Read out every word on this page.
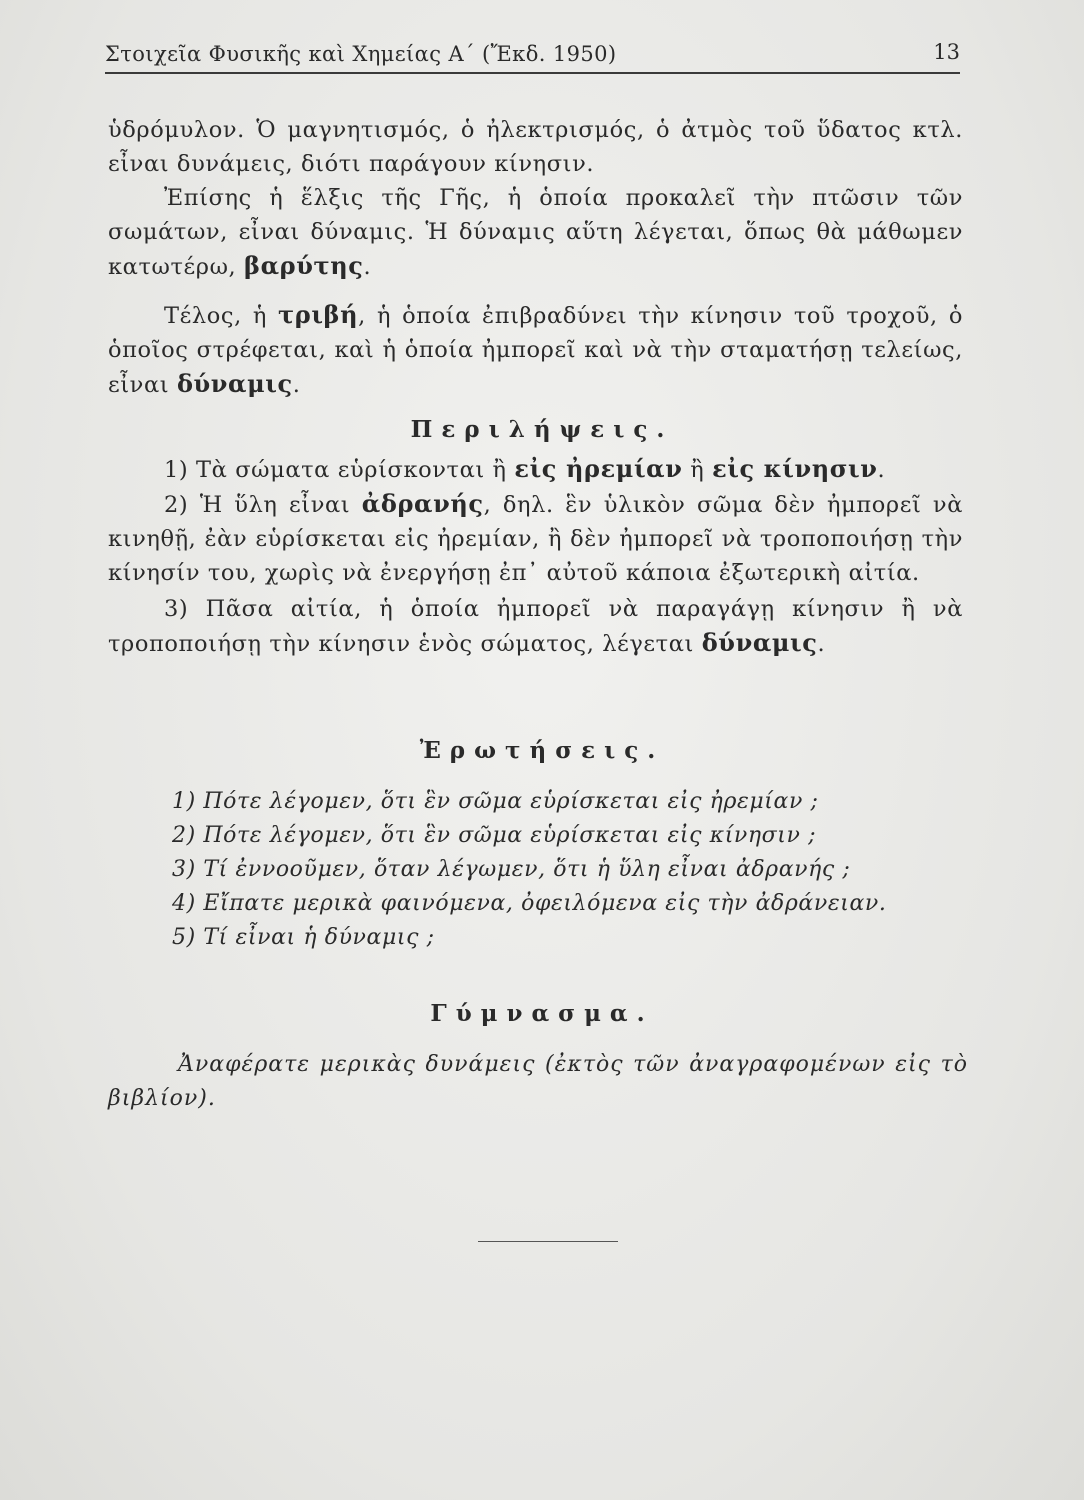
Στοιχεῖα Φυσικῆς καὶ Χημείας Α΄ (Ἔκδ. 1950)	13

ὑδρόμυλον. Ὁ μαγνητισμός, ὁ ἠλεκτρισμός, ὁ ἀτμὸς τοῦ ὕδατος κτλ. εἶναι δυνάμεις, διότι παράγουν κίνησιν.

Ἐπίσης ἡ ἕλξις τῆς Γῆς, ἡ ὁποία προκαλεῖ τὴν πτῶσιν τῶν σωμάτων, εἶναι δύναμις. Ἡ δύναμις αὕτη λέγεται, ὅπως θὰ μάθωμεν κατωτέρω, βαρύτης.

Τέλος, ἡ τριβή, ἡ ὁποία ἐπιβραδύνει τὴν κίνησιν τοῦ τροχοῦ, ὁ ὁποῖος στρέφεται, καὶ ἡ ὁποία ἠμπορεῖ καὶ νὰ τὴν σταματήσῃ τελείως, εἶναι δύναμις.

Περιλήψεις.

1) Τὰ σώματα εὑρίσκονται ἢ εἰς ἠρεμίαν ἢ εἰς κίνησιν.

2) Ἡ ὕλη εἶναι ἀδρανής, δηλ. ἓν ὑλικὸν σῶμα δὲν ἠμπορεῖ νὰ κινηθῇ, ἐὰν εὑρίσκεται εἰς ἠρεμίαν, ἢ δὲν ἠμπορεῖ νὰ τροποποιήσῃ τὴν κίνησίν του, χωρὶς νὰ ἐνεργήσῃ ἐπ᾽ αὐτοῦ κάποια ἐξωτερικὴ αἰτία.

3) Πᾶσα αἰτία, ἡ ὁποία ἠμπορεῖ νὰ παραγάγῃ κίνησιν ἢ νὰ τροποποιήσῃ τὴν κίνησιν ἑνὸς σώματος, λέγεται δύναμις.

Ἐρωτήσεις.
1) Πότε λέγομεν, ὅτι ἓν σῶμα εὑρίσκεται εἰς ἠρεμίαν ;
2) Πότε λέγομεν, ὅτι ἓν σῶμα εὑρίσκεται εἰς κίνησιν ;
3) Τί ἐννοοῦμεν, ὅταν λέγωμεν, ὅτι ἡ ὕλη εἶναι ἀδρανής ;
4) Εἴπατε μερικὰ φαινόμενα, ὀφειλόμενα εἰς τὴν ἀδράνειαν.
5) Τί εἶναι ἡ δύναμις ;
Γύμνασμα.
Ἀναφέρατε μερικὰς δυνάμεις (ἐκτὸς τῶν ἀναγραφομένων εἰς τὸ βιβλίον).
